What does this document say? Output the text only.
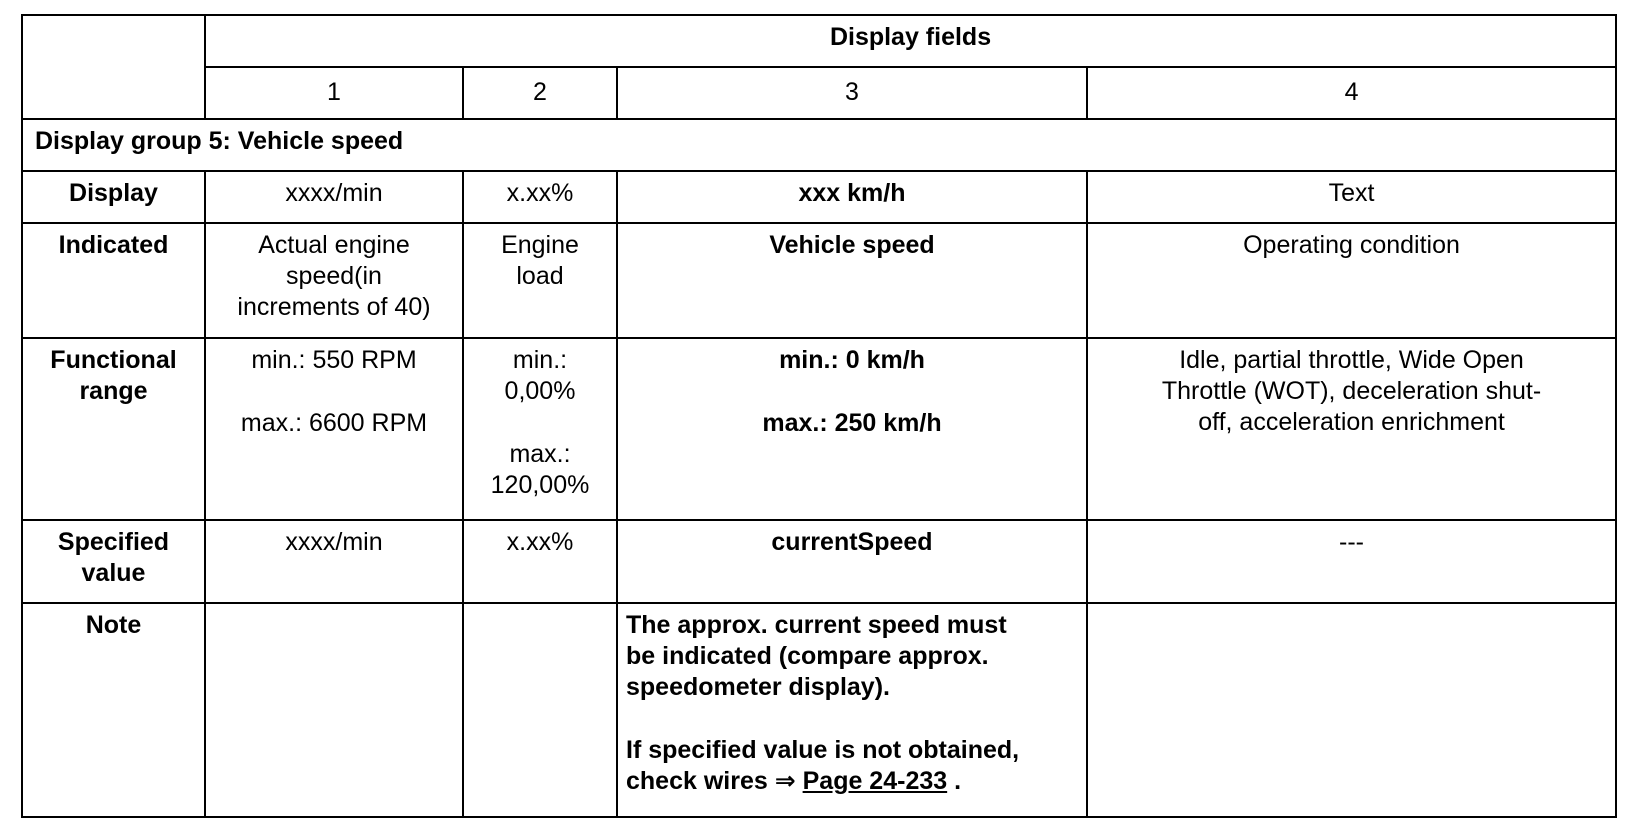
	Display fields			
	1	2	3	4
Display group 5: Vehicle speed				
Display	xxxx/min	x.xx%	xxx km/h	Text
Indicated	Actual engine
speed(in
increments of 40)	Engine
load	Vehicle speed	Operating condition

Functional
range	min.: 550 RPM
max.: 6600 RPM	min.:
0,00%
max.:
120,00%	min.: 0 km/h
max.: 250 km/h	Idle, partial throttle, Wide Open
Throttle (WOT), deceleration shut-
off, acceleration enrichment

Specified
value	xxxx/min	x.xx%	currentSpeed	---
Note			The approx. current speed must
be indicated (compare approx.
speedometer display).
If specified value is not obtained,
check wires ⇒ Page 24-233 .	
